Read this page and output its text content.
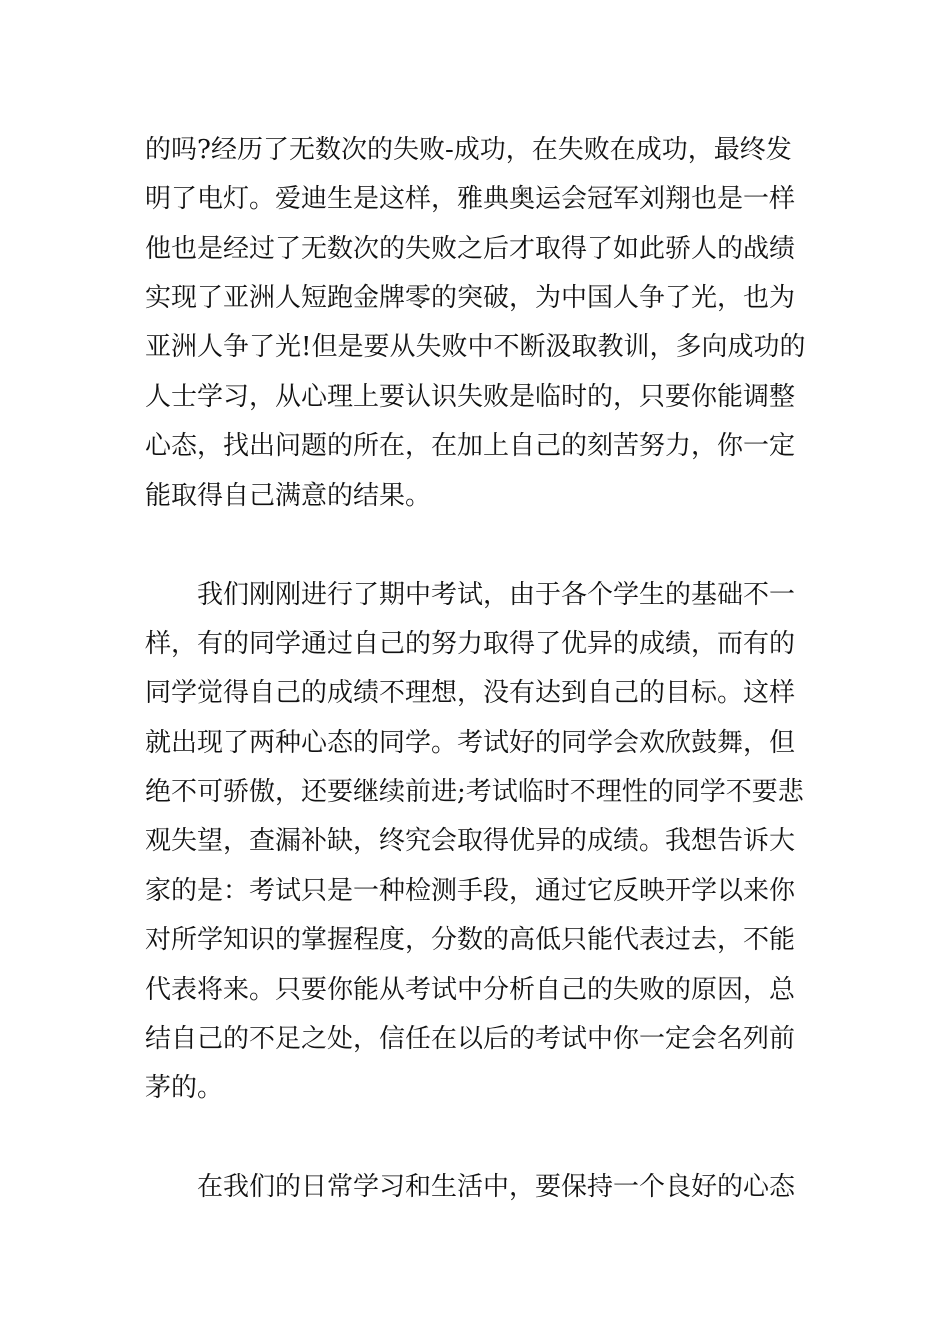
的吗?经历了无数次的失败-成功，在失败在成功，最终发
明了电灯。爱迪生是这样，雅典奥运会冠军刘翔也是一样
他也是经过了无数次的失败之后才取得了如此骄人的战绩
实现了亚洲人短跑金牌零的突破，为中国人争了光，也为
亚洲人争了光!但是要从失败中不断汲取教训，多向成功的
人士学习，从心理上要认识失败是临时的，只要你能调整
心态，找出问题的所在，在加上自己的刻苦努力，你一定
能取得自己满意的结果。
我们刚刚进行了期中考试，由于各个学生的基础不一
样，有的同学通过自己的努力取得了优异的成绩，而有的
同学觉得自己的成绩不理想，没有达到自己的目标。这样
就出现了两种心态的同学。考试好的同学会欢欣鼓舞，但
绝不可骄傲，还要继续前进;考试临时不理性的同学不要悲
观失望，查漏补缺，终究会取得优异的成绩。我想告诉大
家的是：考试只是一种检测手段，通过它反映开学以来你
对所学知识的掌握程度，分数的高低只能代表过去，不能
代表将来。只要你能从考试中分析自己的失败的原因，总
结自己的不足之处，信任在以后的考试中你一定会名列前
茅的。
在我们的日常学习和生活中，要保持一个良好的心态
